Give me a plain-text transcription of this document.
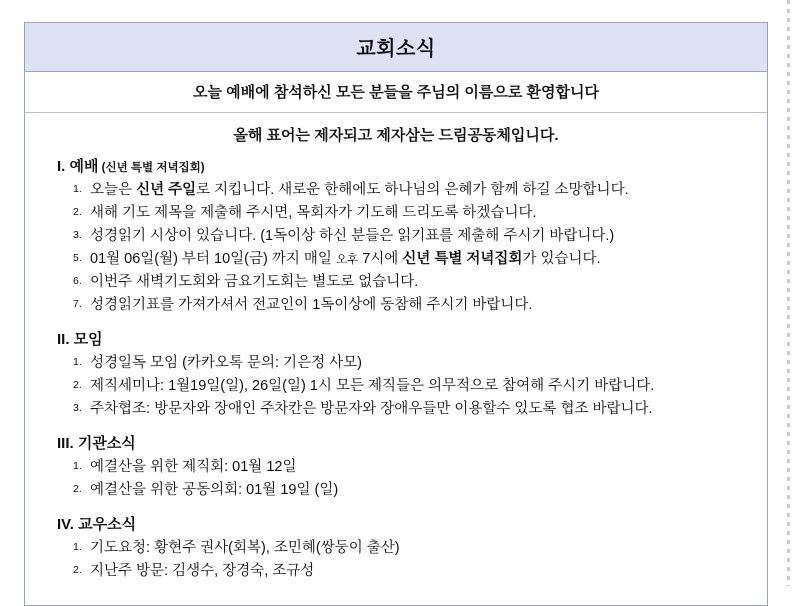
교회소식
오늘 예배에 참석하신 모든 분들을 주님의 이름으로 환영합니다
올해 표어는 제자되고 제자삼는 드림공동체입니다.
I. 예배 (신년 특별 저녁집회)
1. 오늘은 신년 주일로 지킵니다. 새로운 한해에도 하나님의 은혜가 함께 하길 소망합니다.
2. 새해 기도 제목을 제출해 주시면, 목회자가 기도해 드리도록 하겠습니다.
3. 성경읽기 시상이 있습니다. (1독이상 하신 분들은 읽기표를 제출해 주시기 바랍니다.)
5. 01월 06일(월) 부터 10일(금) 까지 매일 오후 7시에 신년 특별 저녁집회가 있습니다.
6. 이번주 새벽기도회와 금요기도회는 별도로 없습니다.
7. 성경읽기표를 가져가셔서 전교인이 1독이상에 동참해 주시기 바랍니다.
II. 모임
1. 성경일독 모임 (카카오톡 문의: 기은정 사모)
2. 제직세미나: 1월19일(일), 26일(일) 1시 모든 제직들은 의무적으로 참여해 주시기 바랍니다.
3. 주차협조: 방문자와 장애인 주차칸은 방문자와 장애우들만 이용할수 있도록 협조 바랍니다.
III. 기관소식
1. 예결산을 위한 제직회: 01월 12일
2. 예결산을 위한 공동의회: 01월 19일 (일)
IV. 교우소식
1. 기도요청: 황현주 권사(회복), 조민혜(쌍둥이 출산)
2. 지난주 방문: 김생수, 장경숙, 조규성
